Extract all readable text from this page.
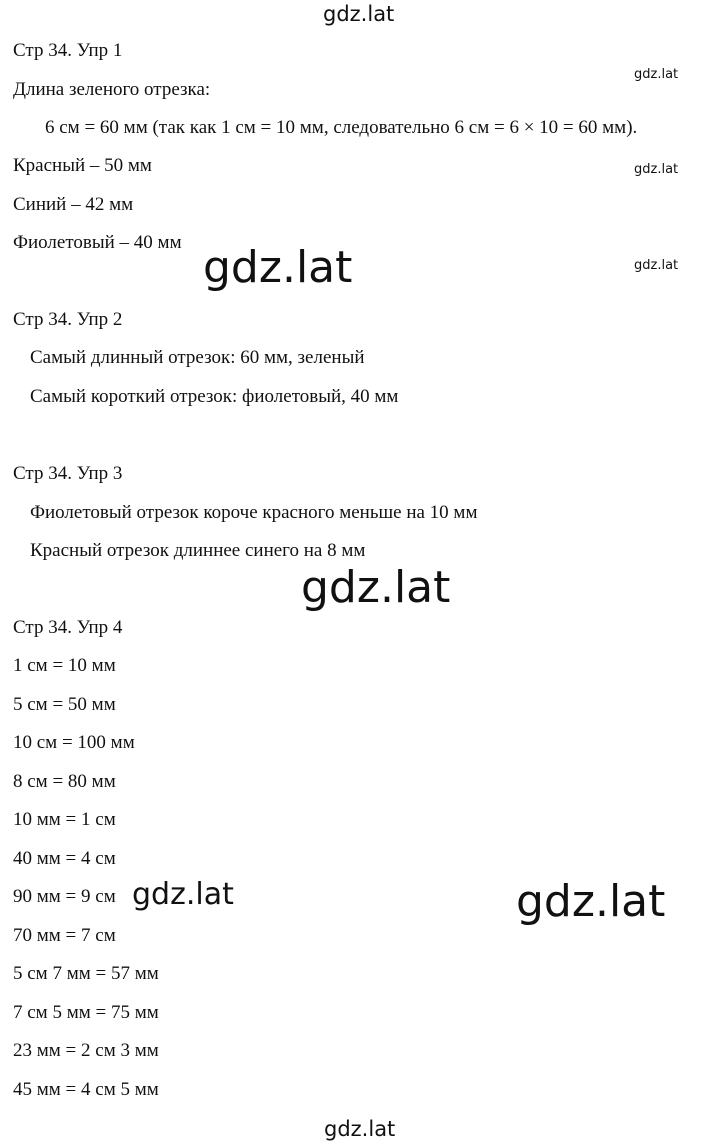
gdz.lat
gdz.lat
gdz.lat
gdz.lat
gdz.lat
gdz.lat
gdz.lat	gdz.lat
gdz.lat
Стр 34. Упр 1
Длина зеленого отрезка:
6 см = 60 мм (так как 1 см = 10 мм, следовательно 6 см = 6 × 10 = 60 мм).
Красный – 50 мм
Синий – 42 мм
Фиолетовый – 40 мм
Стр 34. Упр 2
Самый длинный отрезок: 60 мм, зеленый
Самый короткий отрезок: фиолетовый, 40 мм
Стр 34. Упр 3
Фиолетовый отрезок короче красного меньше на 10 мм
Красный отрезок длиннее синего на 8 мм
Стр 34. Упр 4
1 см = 10 мм
5 см = 50 мм
10 см = 100 мм
8 см = 80 мм
10 мм = 1 см
40 мм = 4 см
90 мм = 9 см
70 мм = 7 см
5 см 7 мм = 57 мм
7 см 5 мм = 75 мм
23 мм = 2 см 3 мм
45 мм = 4 см 5 мм
